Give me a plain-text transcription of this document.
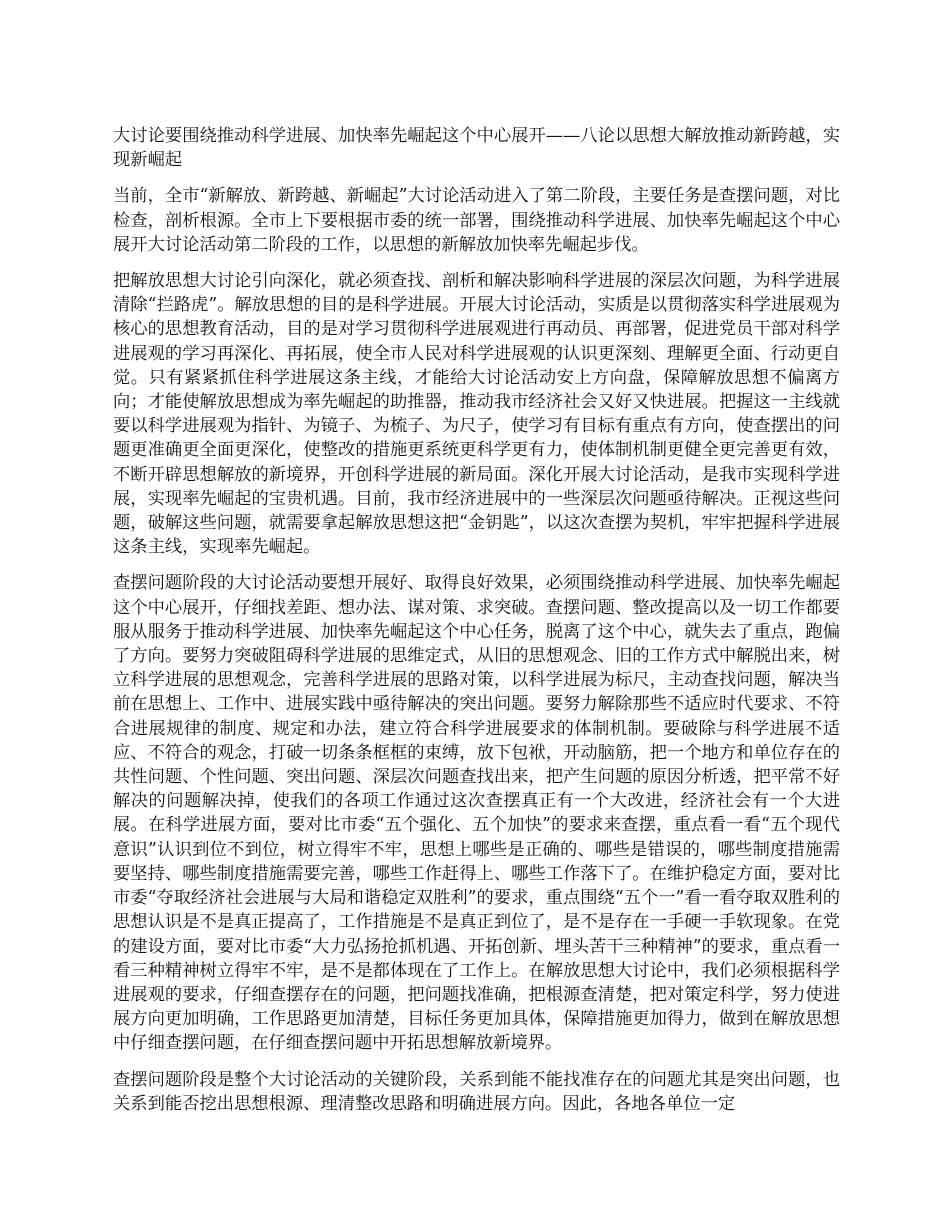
大讨论要围绕推动科学进展、加快率先崛起这个中心展开——八论以思想大解放推动新跨越，实现新崛起

当前，全市“新解放、新跨越、新崛起”大讨论活动进入了第二阶段，主要任务是查摆问题，对比检查，剖析根源。全市上下要根据市委的统一部署，围绕推动科学进展、加快率先崛起这个中心展开大讨论活动第二阶段的工作，以思想的新解放加快率先崛起步伐。

把解放思想大讨论引向深化，就必须查找、剖析和解决影响科学进展的深层次问题，为科学进展清除“拦路虎”。解放思想的目的是科学进展。开展大讨论活动，实质是以贯彻落实科学进展观为核心的思想教育活动，目的是对学习贯彻科学进展观进行再动员、再部署，促进党员干部对科学进展观的学习再深化、再拓展，使全市人民对科学进展观的认识更深刻、理解更全面、行动更自觉。只有紧紧抓住科学进展这条主线，才能给大讨论活动安上方向盘，保障解放思想不偏离方向；才能使解放思想成为率先崛起的助推器，推动我市经济社会又好又快进展。把握这一主线就要以科学进展观为指针、为镜子、为梳子、为尺子，使学习有目标有重点有方向，使查摆出的问题更准确更全面更深化，使整改的措施更系统更科学更有力，使体制机制更健全更完善更有效，不断开辟思想解放的新境界，开创科学进展的新局面。深化开展大讨论活动，是我市实现科学进展，实现率先崛起的宝贵机遇。目前，我市经济进展中的一些深层次问题亟待解决。正视这些问题，破解这些问题，就需要拿起解放思想这把“金钥匙”，以这次查摆为契机，牢牢把握科学进展这条主线，实现率先崛起。

查摆问题阶段的大讨论活动要想开展好、取得良好效果，必须围绕推动科学进展、加快率先崛起这个中心展开，仔细找差距、想办法、谋对策、求突破。查摆问题、整改提高以及一切工作都要服从服务于推动科学进展、加快率先崛起这个中心任务，脱离了这个中心，就失去了重点，跑偏了方向。要努力突破阻碍科学进展的思维定式，从旧的思想观念、旧的工作方式中解脱出来，树立科学进展的思想观念，完善科学进展的思路对策，以科学进展为标尺，主动查找问题，解决当前在思想上、工作中、进展实践中亟待解决的突出问题。要努力解除那些不适应时代要求、不符合进展规律的制度、规定和办法，建立符合科学进展要求的体制机制。要破除与科学进展不适应、不符合的观念，打破一切条条框框的束缚，放下包袱，开动脑筋，把一个地方和单位存在的共性问题、个性问题、突出问题、深层次问题查找出来，把产生问题的原因分析透，把平常不好解决的问题解决掉，使我们的各项工作通过这次查摆真正有一个大改进，经济社会有一个大进展。在科学进展方面，要对比市委“五个强化、五个加快”的要求来查摆，重点看一看“五个现代意识”认识到位不到位，树立得牢不牢，思想上哪些是正确的、哪些是错误的，哪些制度措施需要坚持、哪些制度措施需要完善，哪些工作赶得上、哪些工作落下了。在维护稳定方面，要对比市委“夺取经济社会进展与大局和谐稳定双胜利”的要求，重点围绕“五个一”看一看夺取双胜利的思想认识是不是真正提高了，工作措施是不是真正到位了，是不是存在一手硬一手软现象。在党的建设方面，要对比市委“大力弘扬抢抓机遇、开拓创新、埋头苦干三种精神”的要求，重点看一看三种精神树立得牢不牢，是不是都体现在了工作上。在解放思想大讨论中，我们必须根据科学进展观的要求，仔细查摆存在的问题，把问题找准确，把根源查清楚，把对策定科学，努力使进展方向更加明确，工作思路更加清楚，目标任务更加具体，保障措施更加得力，做到在解放思想中仔细查摆问题，在仔细查摆问题中开拓思想解放新境界。

查摆问题阶段是整个大讨论活动的关键阶段，关系到能不能找准存在的问题尤其是突出问题，也关系到能否挖出思想根源、理清整改思路和明确进展方向。因此，各地各单位一定
